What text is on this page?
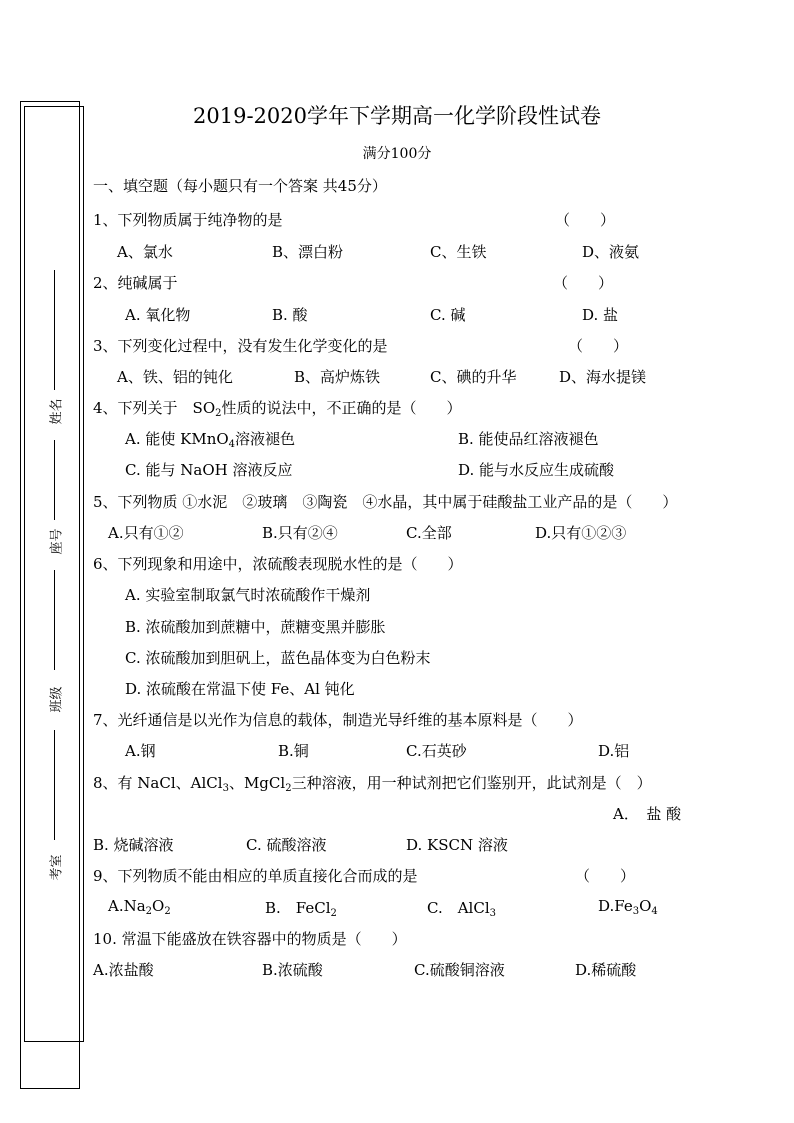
姓名
座号
班级
考室
2019-2020学年下学期高一化学阶段性试卷
满分100分
一、填空题（每小题只有一个答案 共45分）
1、下列物质属于纯净物的是	（　　）
A、氯水	B、漂白粉	C、生铁	D、液氨
2、纯碱属于	（　　）
A. 氧化物	B. 酸	C. 碱	D. 盐
3、下列变化过程中，没有发生化学变化的是	（　　）
A、铁、铝的钝化	B、高炉炼铁	C、碘的升华	D、海水提镁
4、下列关于　$SO_2$性质的说法中，不正确的是（　　）
A. 能使 KMnO$_4$溶液褪色	B. 能使品红溶液褪色
C. 能与 NaOH 溶液反应	D. 能与水反应生成硫酸
5、下列物质 ①水泥　②玻璃　③陶瓷　④水晶，其中属于硅酸盐工业产品的是（　　）
A.只有①②	B.只有②④	C.全部	D.只有①②③
6、下列现象和用途中，浓硫酸表现脱水性的是（　　）
A. 实验室制取氯气时浓硫酸作干燥剂
B. 浓硫酸加到蔗糖中，蔗糖变黑并膨胀
C. 浓硫酸加到胆矾上，蓝色晶体变为白色粉末
D. 浓硫酸在常温下使 Fe、Al 钝化
7、光纤通信是以光作为信息的载体，制造光导纤维的基本原料是（　　）
A.钢	B.铜	C.石英砂	D.铝
8、有 NaCl、AlCl$_3$、MgCl$_2$三种溶液，用一种试剂把它们鉴别开，此试剂是（　）
A．　盐 酸
B. 烧碱溶液	C. 硫酸溶液	D. KSCN 溶液
9、下列物质不能由相应的单质直接化合而成的是	（　　）
$A.Na_2O_2$	B.　FeCl$_2$	C.　AlCl$_3$	$D.Fe_3O_4$
10. 常温下能盛放在铁容器中的物质是（　　）
A.浓盐酸	B.浓硫酸	C.硫酸铜溶液	D.稀硫酸
